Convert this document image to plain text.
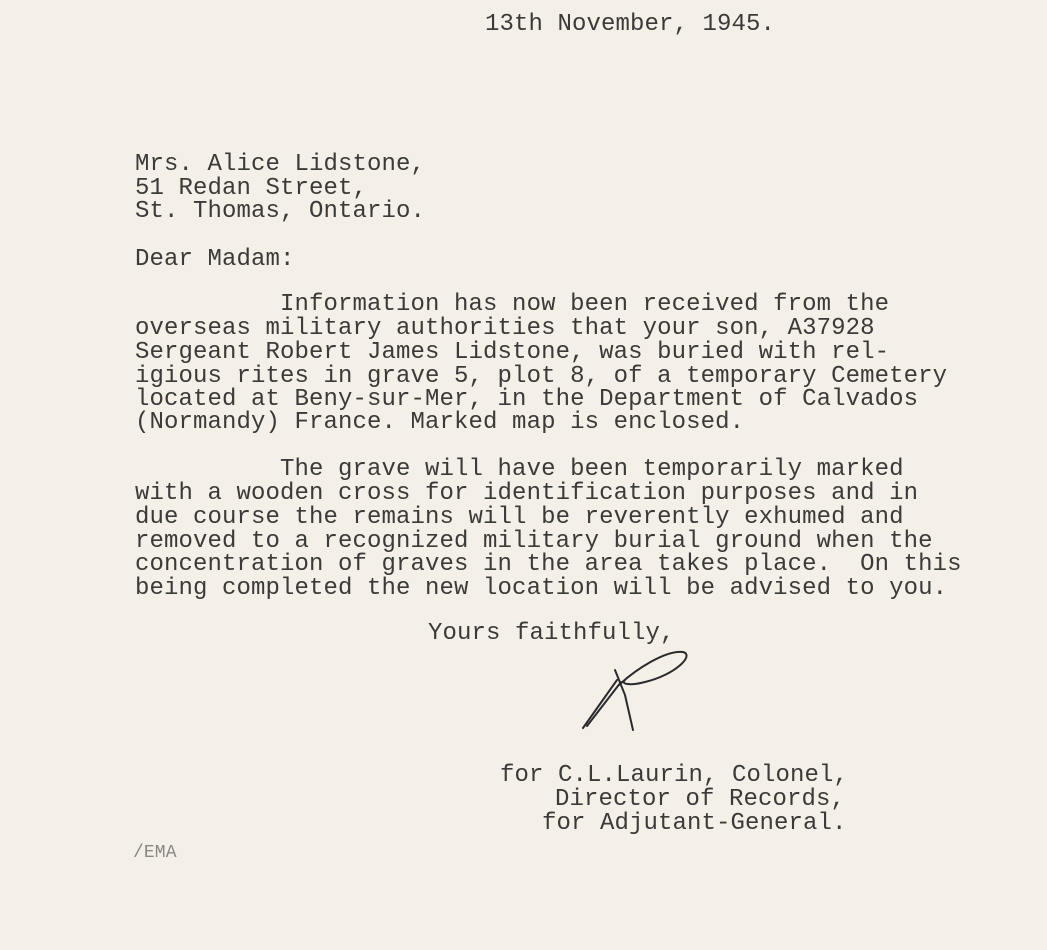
13th November, 1945.
Mrs. Alice Lidstone,
51 Redan Street,
St. Thomas, Ontario.
Dear Madam:
Information has now been received from the
overseas military authorities that your son, A37928
Sergeant Robert James Lidstone, was buried with rel-
igious rites in grave 5, plot 8, of a temporary Cemetery
located at Beny-sur-Mer, in the Department of Calvados
(Normandy) France. Marked map is enclosed.
The grave will have been temporarily marked
with a wooden cross for identification purposes and in
due course the remains will be reverently exhumed and
removed to a recognized military burial ground when the
concentration of graves in the area takes place.  On this
being completed the new location will be advised to you.
Yours faithfully,
for C.L.Laurin, Colonel,
Director of Records,
for Adjutant-General.
/EMA
